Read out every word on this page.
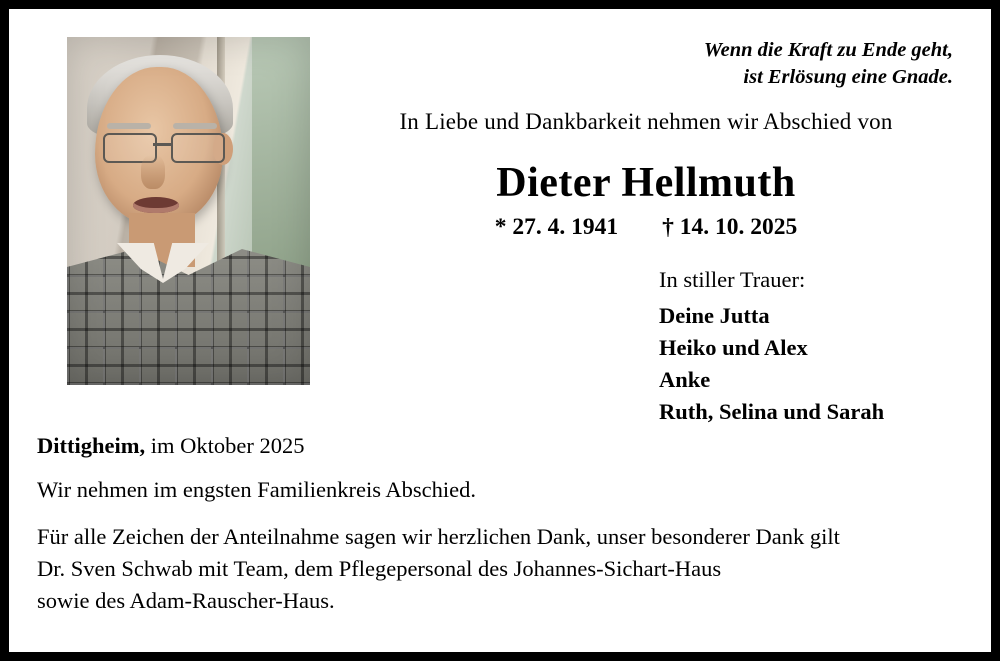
Wenn die Kraft zu Ende geht,
ist Erlösung eine Gnade.
In Liebe und Dankbarkeit nehmen wir Abschied von
Dieter Hellmuth
* 27. 4. 1941 † 14. 10. 2025
In stiller Trauer:
Deine Jutta
Heiko und Alex
Anke
Ruth, Selina und Sarah
Dittigheim, im Oktober 2025
Wir nehmen im engsten Familienkreis Abschied.
Für alle Zeichen der Anteilnahme sagen wir herzlichen Dank, unser besonderer Dank gilt
Dr. Sven Schwab mit Team, dem Pflegepersonal des Johannes-Sichart-Haus
sowie des Adam-Rauscher-Haus.
